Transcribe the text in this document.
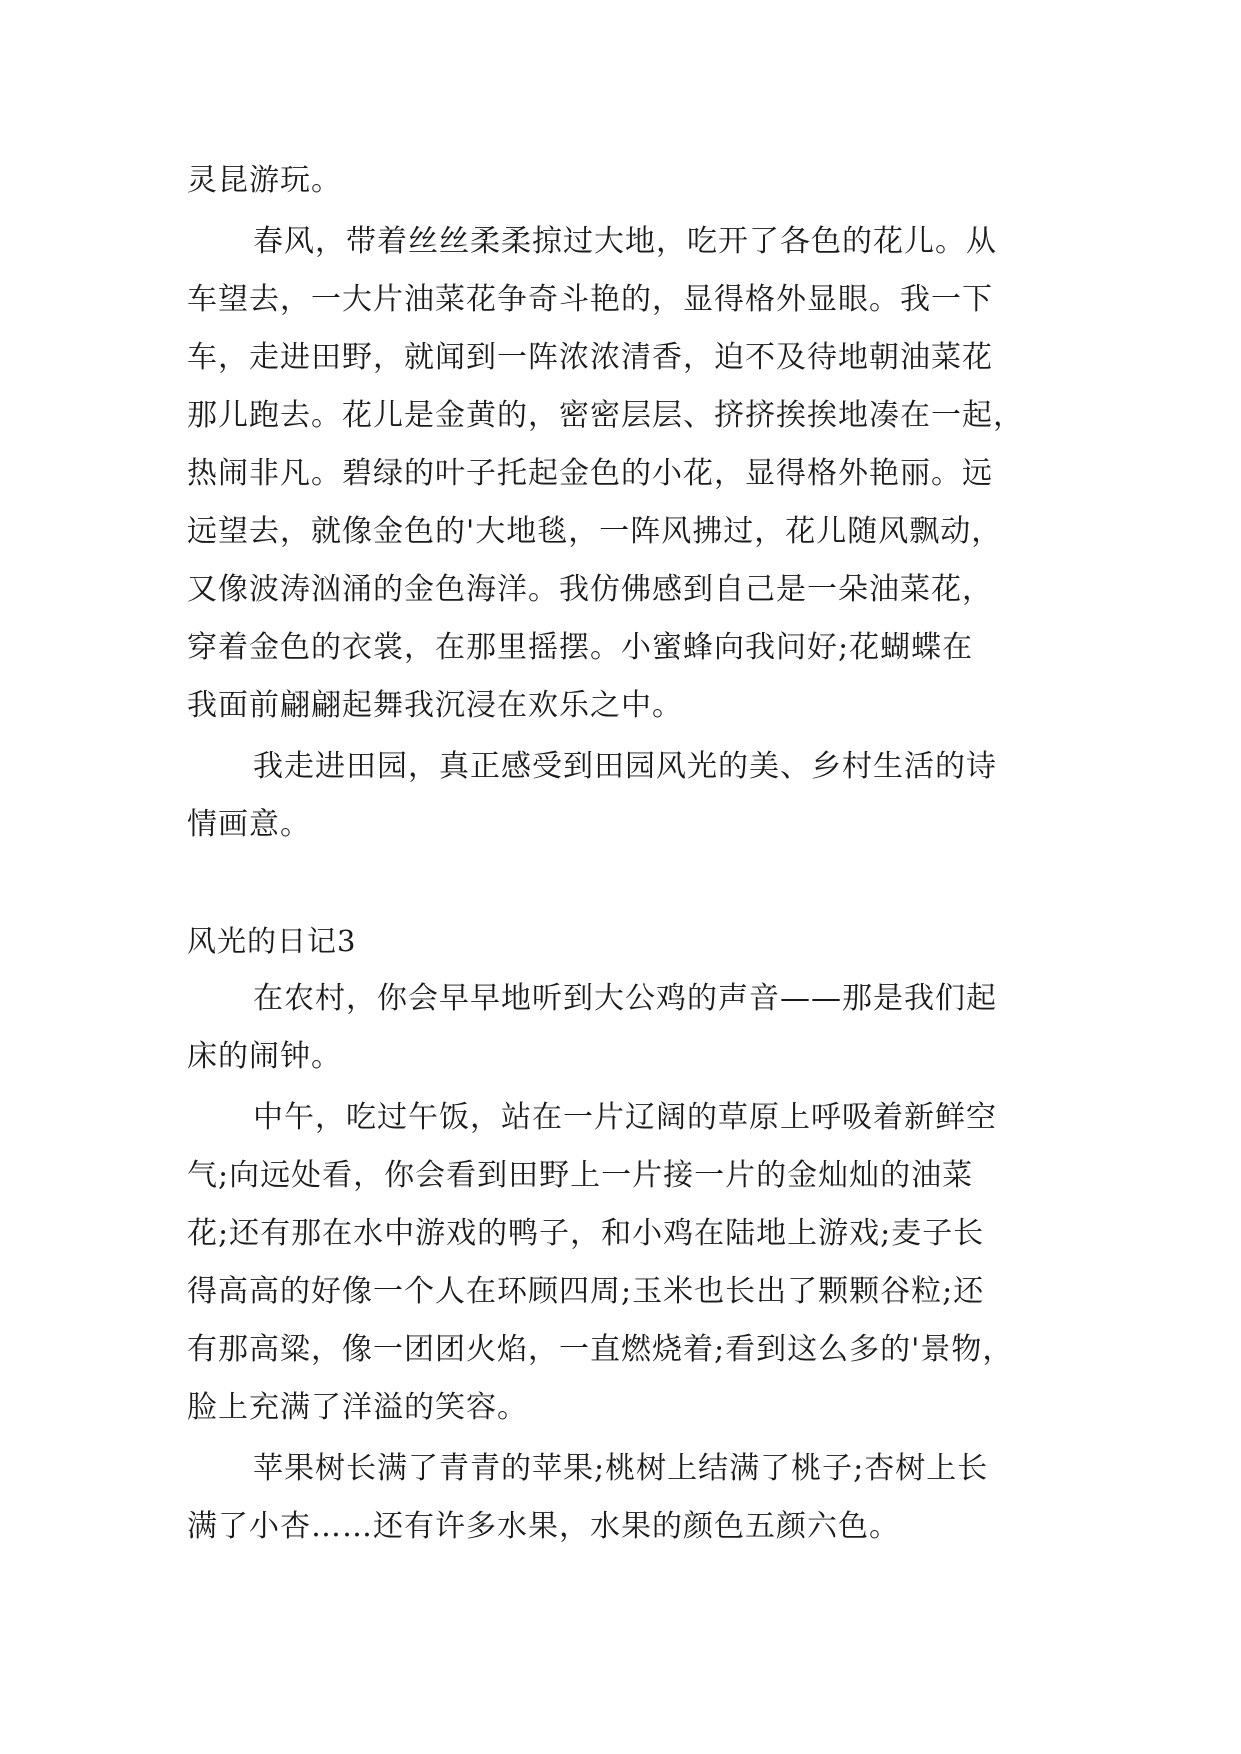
灵昆游玩。
春风，带着丝丝柔柔掠过大地，吃开了各色的花儿。从
车望去，一大片油菜花争奇斗艳的，显得格外显眼。我一下
车，走进田野，就闻到一阵浓浓清香，迫不及待地朝油菜花
那儿跑去。花儿是金黄的，密密层层、挤挤挨挨地凑在一起，
热闹非凡。碧绿的叶子托起金色的小花，显得格外艳丽。远
远望去，就像金色的'大地毯，一阵风拂过，花儿随风飘动，
又像波涛汹涌的金色海洋。我仿佛感到自己是一朵油菜花，
穿着金色的衣裳，在那里摇摆。小蜜蜂向我问好;花蝴蝶在
我面前翩翩起舞我沉浸在欢乐之中。
我走进田园，真正感受到田园风光的美、乡村生活的诗
情画意。
风光的日记3
在农村，你会早早地听到大公鸡的声音——那是我们起
床的闹钟。
中午，吃过午饭，站在一片辽阔的草原上呼吸着新鲜空
气;向远处看，你会看到田野上一片接一片的金灿灿的油菜
花;还有那在水中游戏的鸭子，和小鸡在陆地上游戏;麦子长
得高高的好像一个人在环顾四周;玉米也长出了颗颗谷粒;还
有那高粱，像一团团火焰，一直燃烧着;看到这么多的'景物，
脸上充满了洋溢的笑容。
苹果树长满了青青的苹果;桃树上结满了桃子;杏树上长
满了小杏……还有许多水果，水果的颜色五颜六色。
